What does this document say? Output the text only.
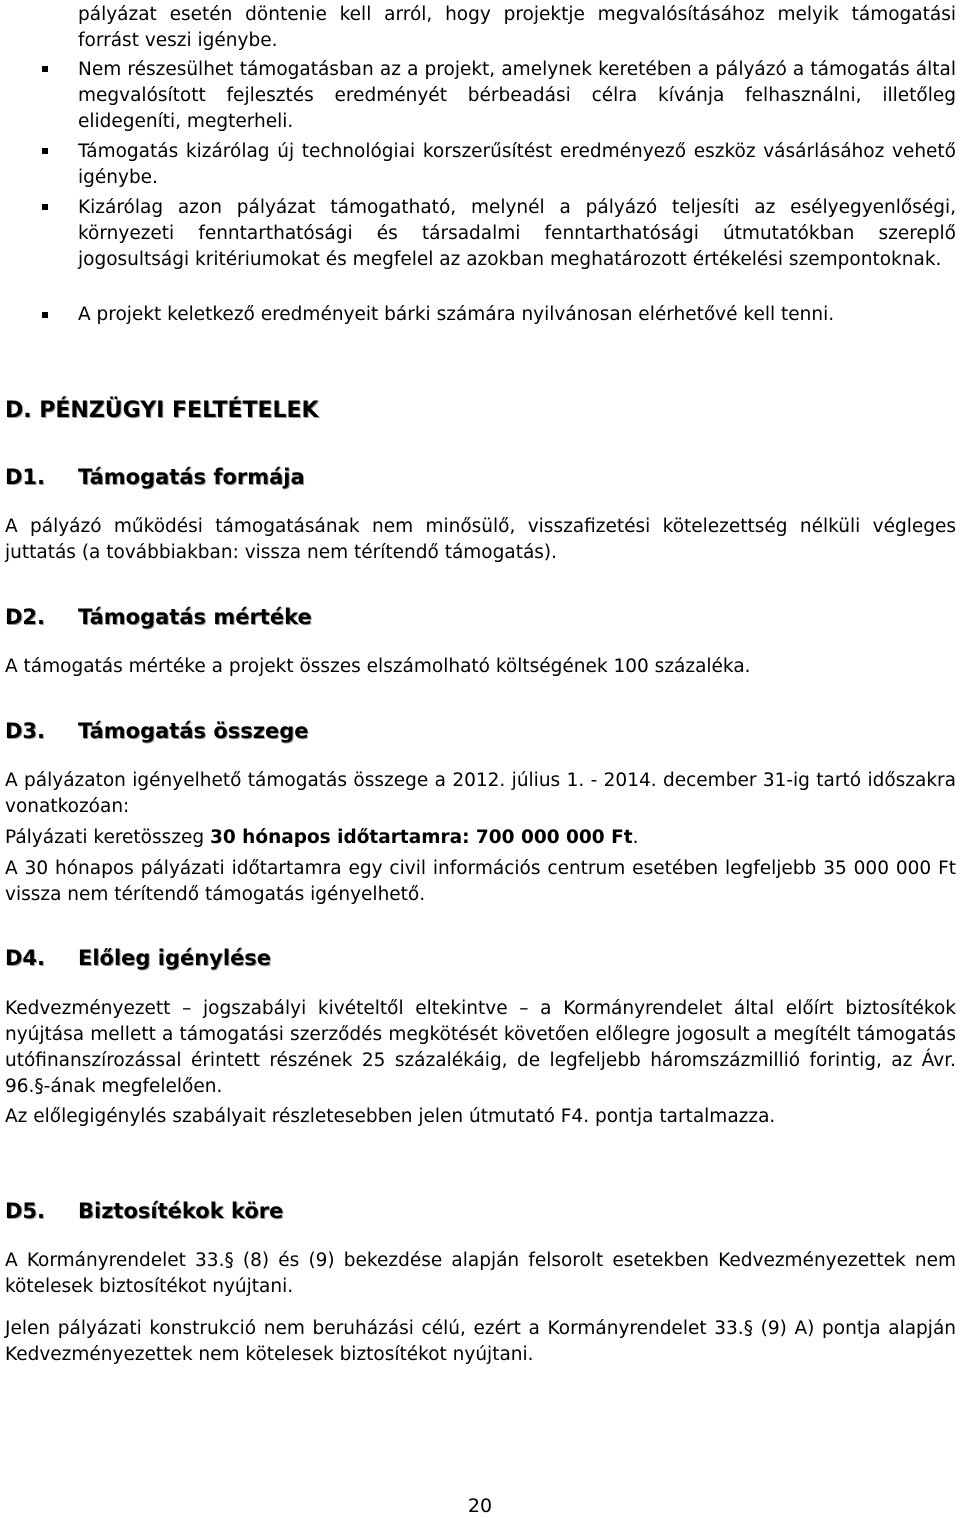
pályázat esetén döntenie kell arról, hogy projektje megvalósításához melyik támogatási forrást veszi igénybe.

Nem részesülhet támogatásban az a projekt, amelynek keretében a pályázó a támogatás által megvalósított fejlesztés eredményét bérbeadási célra kívánja felhasználni, illetőleg elidegeníti, megterheli.

Támogatás kizárólag új technológiai korszerűsítést eredményező eszköz vásárlásához vehető igénybe.

Kizárólag azon pályázat támogatható, melynél a pályázó teljesíti az esélyegyenlőségi, környezeti fenntarthatósági és társadalmi fenntarthatósági útmutatókban szereplő jogosultsági kritériumokat és megfelel az azokban meghatározott értékelési szempontoknak.

A projekt keletkező eredményeit bárki számára nyilvánosan elérhetővé kell tenni.

D. PÉNZÜGYI FELTÉTELEK
D1. Támogatás formája

A pályázó működési támogatásának nem minősülő, visszafizetési kötelezettség nélküli végleges juttatás (a továbbiakban: vissza nem térítendő támogatás).

D2. Támogatás mértéke

A támogatás mértéke a projekt összes elszámolható költségének 100 százaléka.

D3. Támogatás összege

A pályázaton igényelhető támogatás összege a 2012. július 1. - 2014. december 31-ig tartó időszakra vonatkozóan:

Pályázati keretösszeg 30 hónapos időtartamra: 700 000 000 Ft.

A 30 hónapos pályázati időtartamra egy civil információs centrum esetében legfeljebb 35 000 000 Ft vissza nem térítendő támogatás igényelhető.

D4. Előleg igénylése

Kedvezményezett – jogszabályi kivételtől eltekintve – a Kormányrendelet által előírt biztosítékok nyújtása mellett a támogatási szerződés megkötését követően előlegre jogosult a megítélt támogatás utófinanszírozással érintett részének 25 százalékáig, de legfeljebb háromszázmillió forintig, az Ávr. 96.§-ának megfelelően.

Az előlegigénylés szabályait részletesebben jelen útmutató F4. pontja tartalmazza.

D5. Biztosítékok köre

A Kormányrendelet 33.§ (8) és (9) bekezdése alapján felsorolt esetekben Kedvezményezettek nem kötelesek biztosítékot nyújtani.

Jelen pályázati konstrukció nem beruházási célú, ezért a Kormányrendelet 33.§ (9) A) pontja alapján Kedvezményezettek nem kötelesek biztosítékot nyújtani.

20
